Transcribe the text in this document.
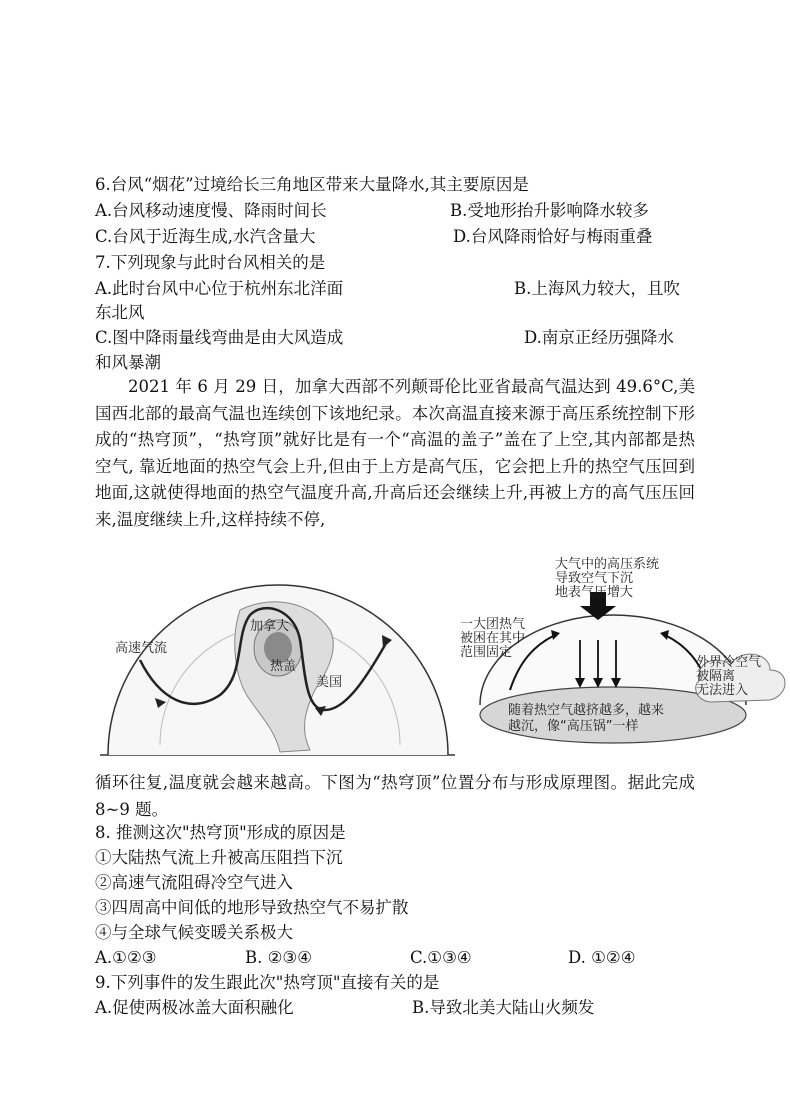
6.台风“烟花”过境给长三角地区带来大量降水,其主要原因是
A.台风移动速度慢、降雨时间长	B.受地形抬升影响降水较多
C.台风于近海生成,水汽含量大	D.台风降雨恰好与梅雨重叠
7.下列现象与此时台风相关的是
A.此时台风中心位于杭州东北洋面	B.上海风力较大，且吹
东北风
C.图中降雨量线弯曲是由大风造成	D.南京正经历强降水
和风暴潮
2021 年 6 月 29 日，加拿大西部不列颠哥伦比亚省最高气温达到 49.6°C,美国西北部的最高气温也连续创下该地纪录。本次高温直接来源于高压系统控制下形成的“热穹顶”，“热穹顶”就好比是有一个“高温的盖子”盖在了上空,其内部都是热空气, 靠近地面的热空气会上升,但由于上方是高气压，它会把上升的热空气压回到地面,这就使得地面的热空气温度升高,升高后还会继续上升,再被上方的高气压压回来,温度继续上升,这样持续不停,
高速气流
加拿大
热盖
美国
大气中的高压系统
导致空气下沉
地表气压增大
一大团热气
被困在其中
范围固定
外界冷空气
被隔离
无法进入
随着热空气越挤越多，越来
越沉，像“高压锅”一样
循环往复,温度就会越来越高。下图为“热穹顶”位置分布与形成原理图。据此完成 8~9 题。
8. 推测这次"热穹顶"形成的原因是
①大陆热气流上升被高压阻挡下沉
②高速气流阻碍冷空气进入
③四周高中间低的地形导致热空气不易扩散
④与全球气候变暖关系极大
A.①②③	B. ②③④	C.①③④	D. ①②④
9.下列事件的发生跟此次"热穹顶"直接有关的是
A.促使两极冰盖大面积融化	B.导致北美大陆山火频发
